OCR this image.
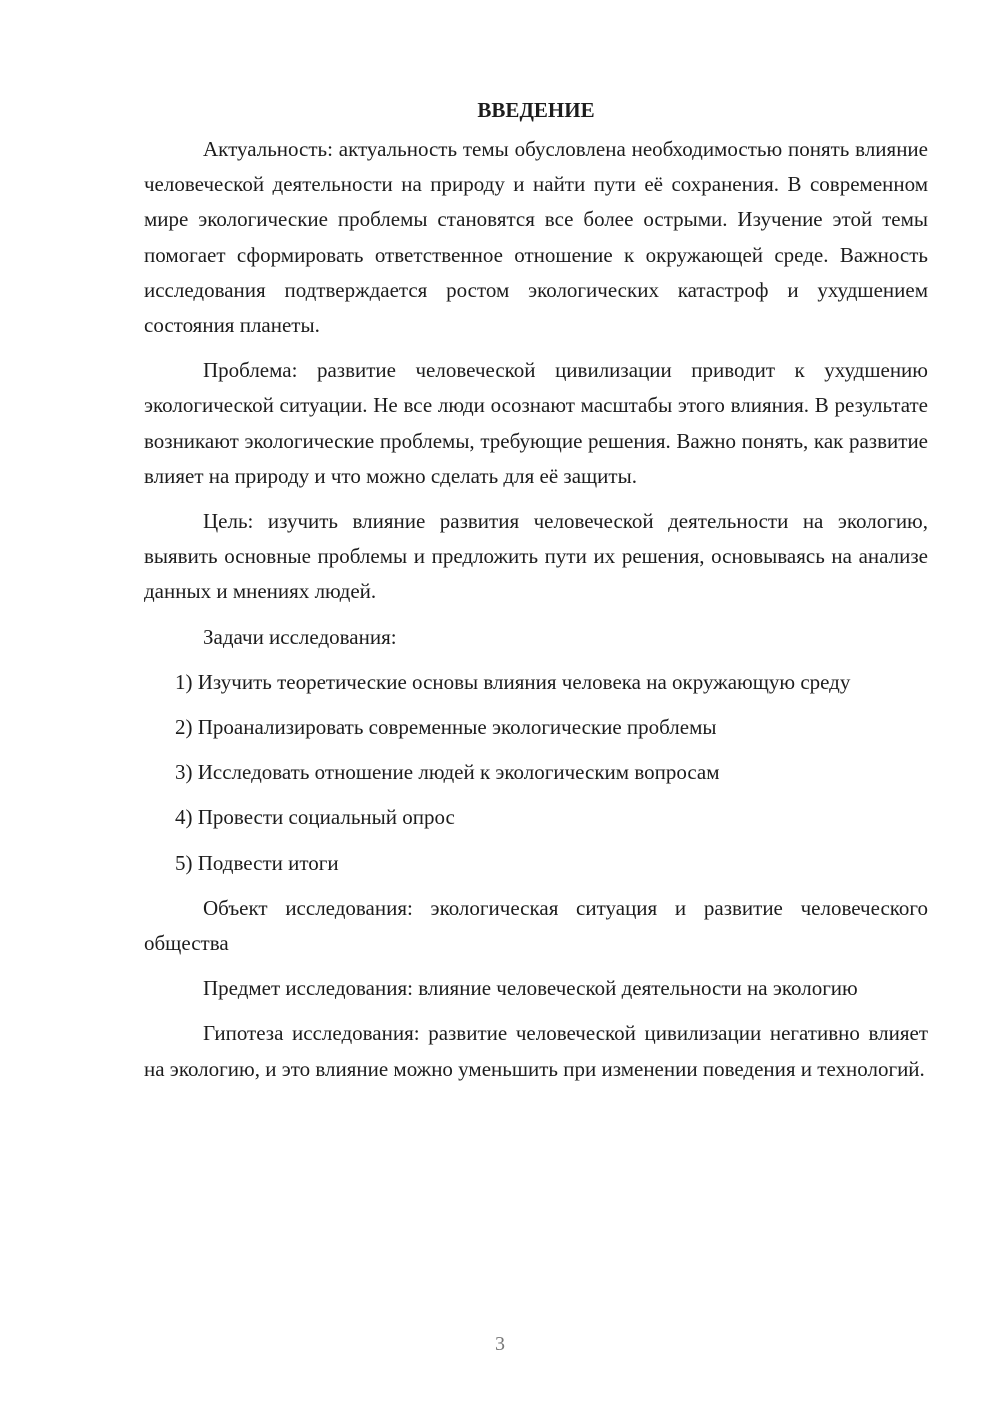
ВВЕДЕНИЕ

Актуальность: актуальность темы обусловлена необходимостью понять влияние человеческой деятельности на природу и найти пути её сохранения. В современном мире экологические проблемы становятся все более острыми. Изучение этой темы помогает сформировать ответственное отношение к окружающей среде. Важность исследования подтверждается ростом экологических катастроф и ухудшением состояния планеты.

Проблема: развитие человеческой цивилизации приводит к ухудшению экологической ситуации. Не все люди осознают масштабы этого влияния. В результате возникают экологические проблемы, требующие решения. Важно понять, как развитие влияет на природу и что можно сделать для её защиты.

Цель: изучить влияние развития человеческой деятельности на экологию, выявить основные проблемы и предложить пути их решения, основываясь на анализе данных и мнениях людей.

Задачи исследования:

1) Изучить теоретические основы влияния человека на окружающую среду

2) Проанализировать современные экологические проблемы

3) Исследовать отношение людей к экологическим вопросам

4) Провести социальный опрос

5) Подвести итоги

Объект исследования: экологическая ситуация и развитие человеческого общества

Предмет исследования: влияние человеческой деятельности на экологию

Гипотеза исследования: развитие человеческой цивилизации негативно влияет на экологию, и это влияние можно уменьшить при изменении поведения и технологий.

3
